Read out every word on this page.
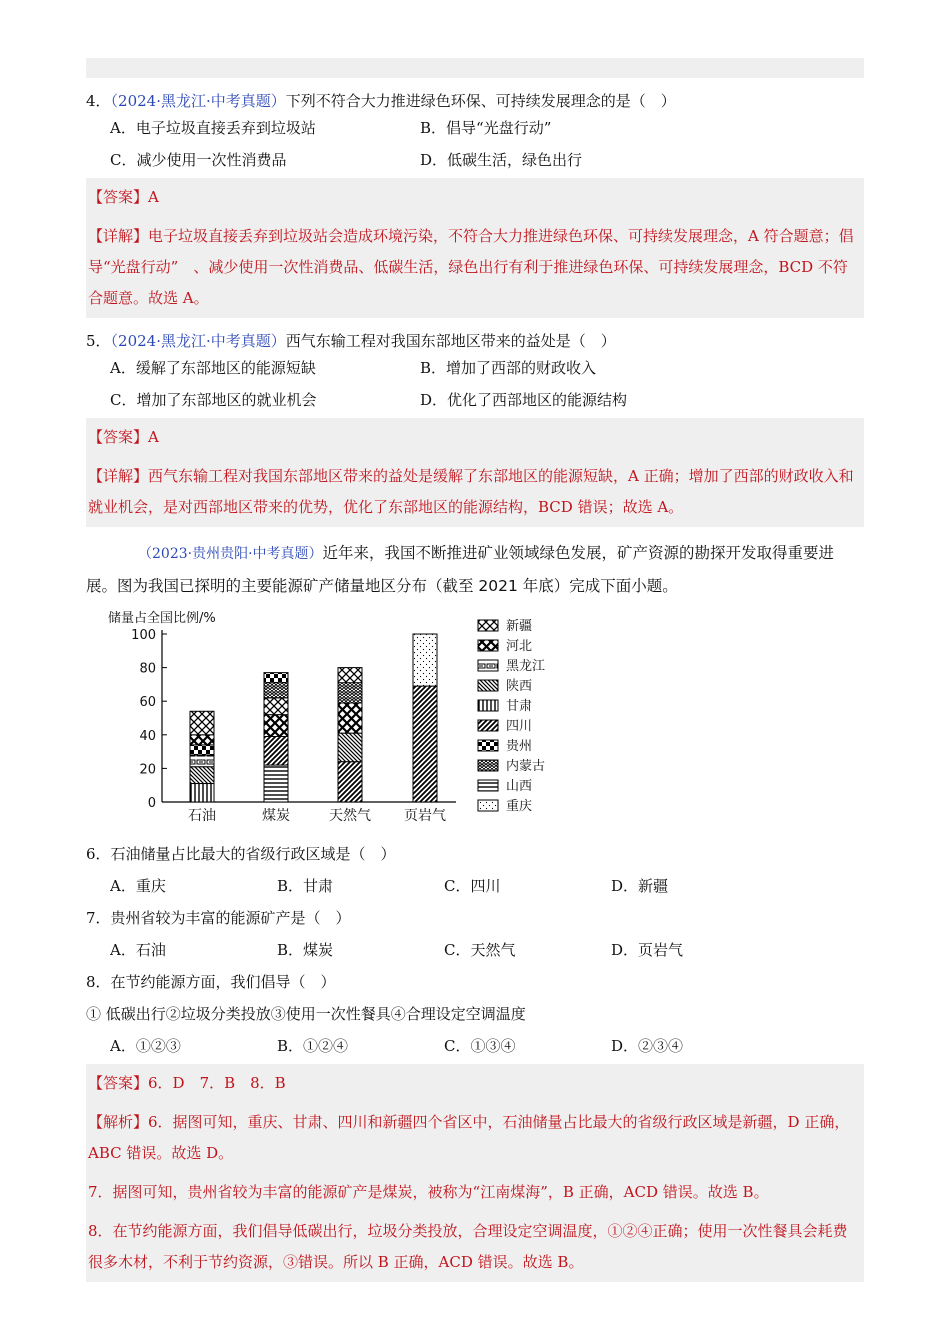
4．（2024·黑龙江·中考真题）下列不符合大力推进绿色环保、可持续发展理念的是（　）
A．电子垃圾直接丢弃到垃圾站	B．倡导“光盘行动”
C．减少使用一次性消费品	D．低碳生活，绿色出行
【答案】A
【详解】电子垃圾直接丢弃到垃圾站会造成环境污染，不符合大力推进绿色环保、可持续发展理念，A 符合题意；倡导“光盘行动”　、减少使用一次性消费品、低碳生活，绿色出行有利于推进绿色环保、可持续发展理念，BCD 不符合题意。故选 A。
5．（2024·黑龙江·中考真题）西气东输工程对我国东部地区带来的益处是（　）
A．缓解了东部地区的能源短缺	B．增加了西部的财政收入
C．增加了东部地区的就业机会	D．优化了西部地区的能源结构
【答案】A
【详解】西气东输工程对我国东部地区带来的益处是缓解了东部地区的能源短缺，A 正确；增加了西部的财政收入和就业机会，是对西部地区带来的优势，优化了东部地区的能源结构，BCD 错误；故选 A。
（2023·贵州贵阳·中考真题）近年来，我国不断推进矿业领域绿色发展，矿产资源的勘探开发取得重要进展。图为我国已探明的主要能源矿产储量地区分布（截至 2021 年底）完成下面小题。
储量占全国比例/%
0
20
40
60
80
100
石油	煤炭	天然气 页岩气
新疆
河北
黑龙江
陕西
甘肃
四川
贵州
内蒙古
山西
重庆
6．石油储量占比最大的省级行政区域是（　）
A．重庆	B．甘肃	C．四川	D．新疆
7．贵州省较为丰富的能源矿产是（　）
A．石油	B．煤炭	C．天然气	D．页岩气
8．在节约能源方面，我们倡导（　）
① 低碳出行②垃圾分类投放③使用一次性餐具④合理设定空调温度
A．①②③	B．①②④	C．①③④	D．②③④
【答案】6．D　7．B　8．B
【解析】6．据图可知，重庆、甘肃、四川和新疆四个省区中，石油储量占比最大的省级行政区域是新疆，D 正确，ABC 错误。故选 D。
7．据图可知，贵州省较为丰富的能源矿产是煤炭，被称为“江南煤海”，B 正确，ACD 错误。故选 B。
8．在节约能源方面，我们倡导低碳出行，垃圾分类投放，合理设定空调温度，①②④正确；使用一次性餐具会耗费很多木材，不利于节约资源，③错误。所以 B 正确，ACD 错误。故选 B。
